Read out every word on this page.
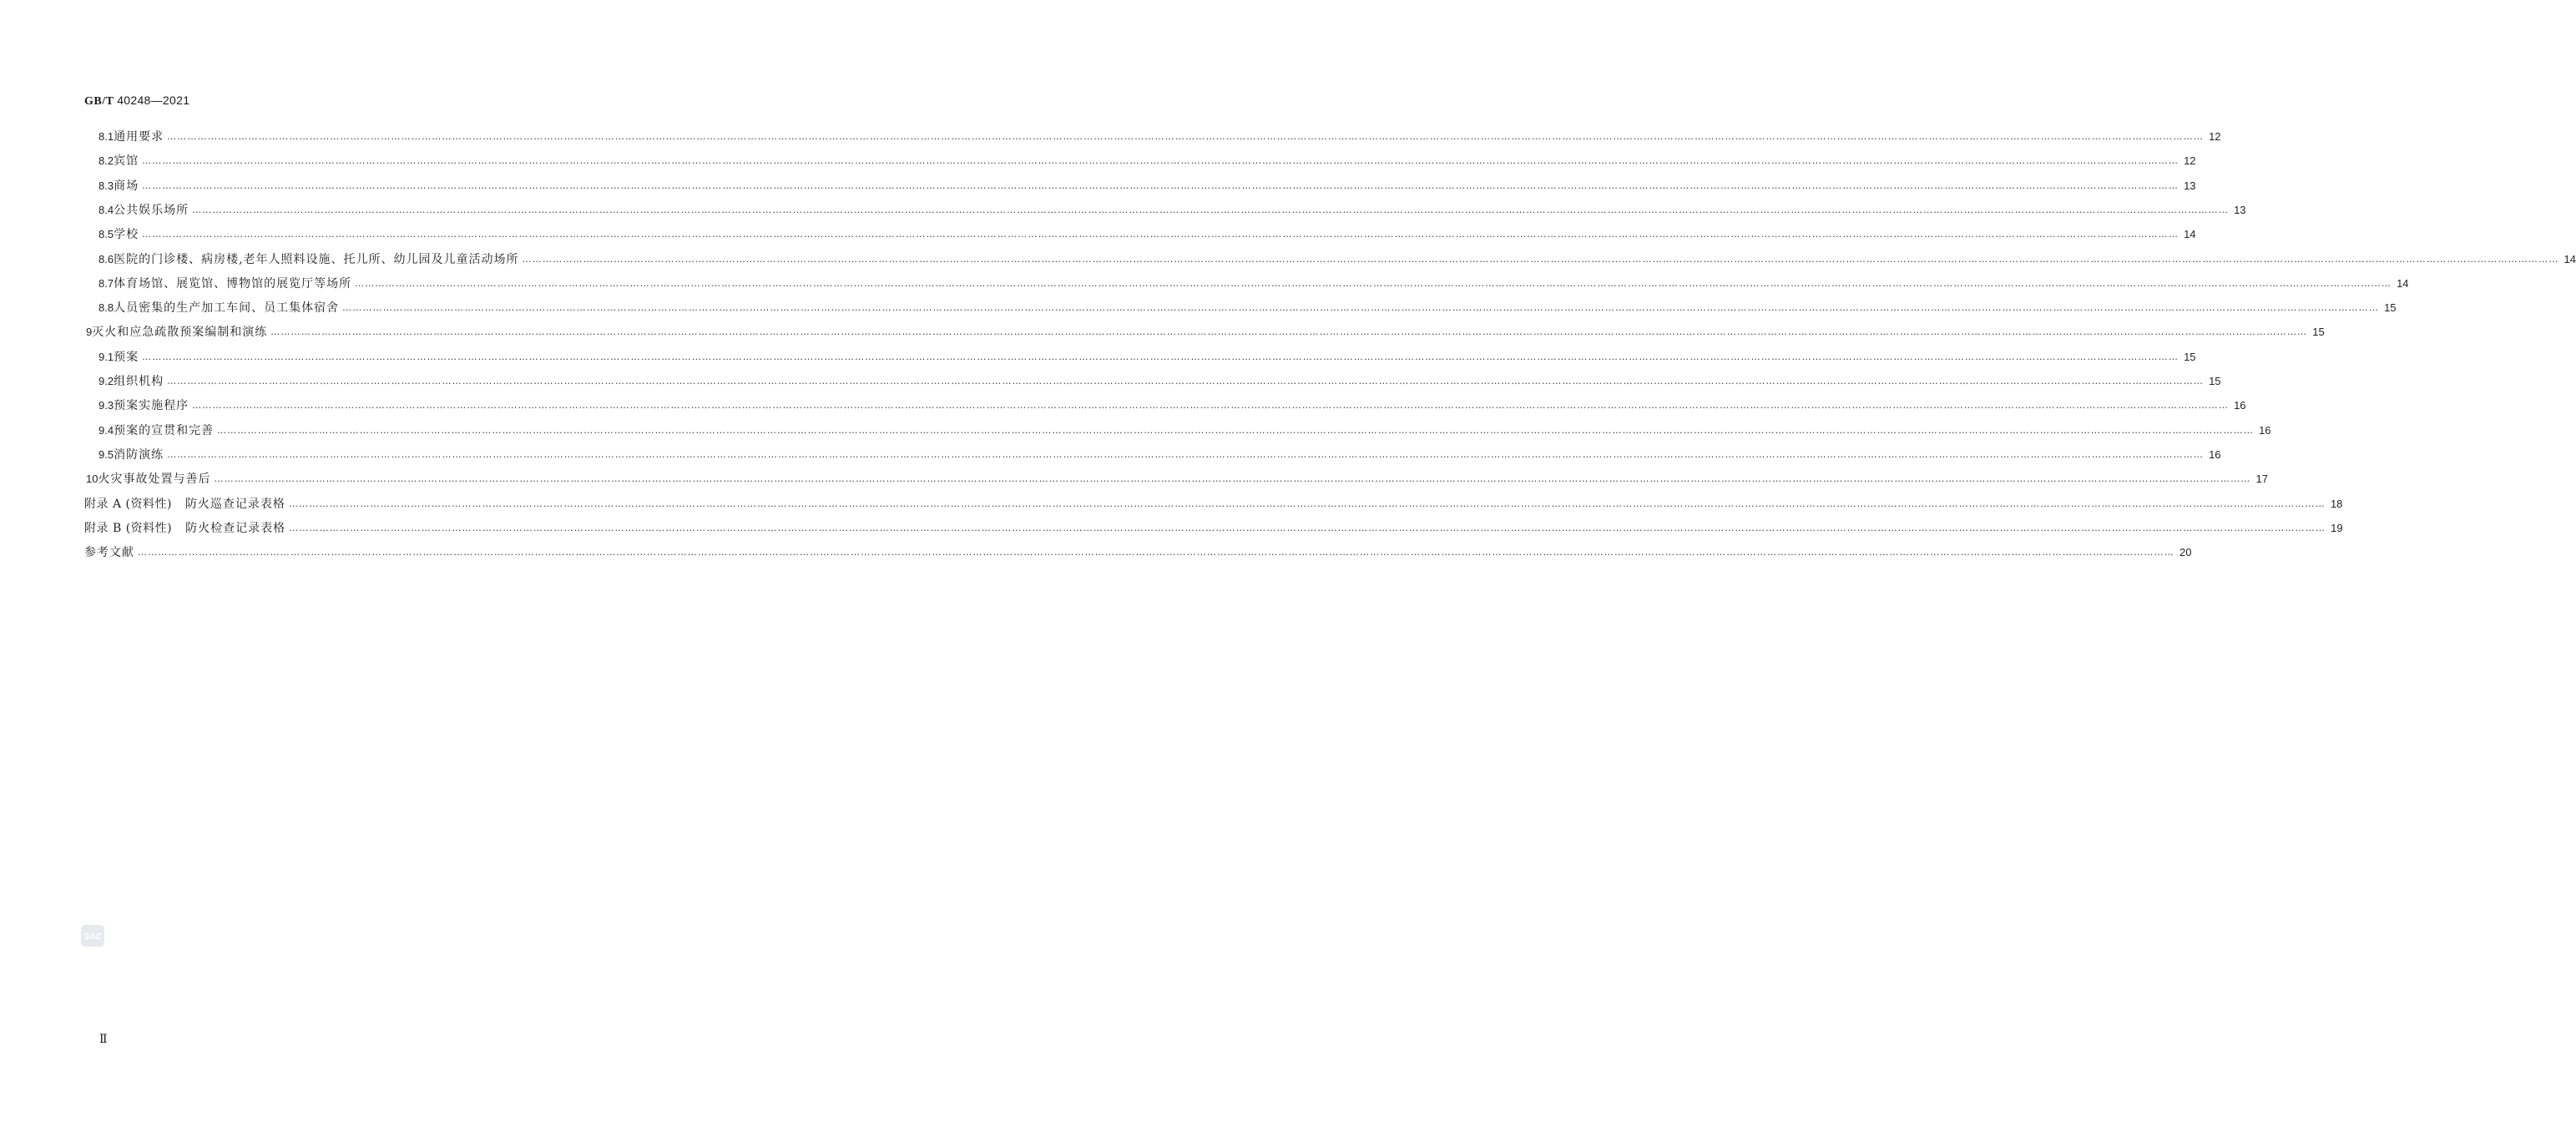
GB/T 40248—2021
8.1 通用要求 …………………………………………………………………………………………………………………………………………………………………………………………………………………………………………………………………………………………………………………………………………………………………………………………………………………………………………………………………………………………………………………………………………………… 12
8.2 宾馆 …………………………………………………………………………………………………………………………………………………………………………………………………………………………………………………………………………………………………………………………………………………………………………………………………………………………………………………………………………………………………………………………………………………… 12
8.3 商场 …………………………………………………………………………………………………………………………………………………………………………………………………………………………………………………………………………………………………………………………………………………………………………………………………………………………………………………………………………………………………………………………………………………… 13
8.4 公共娱乐场所 …………………………………………………………………………………………………………………………………………………………………………………………………………………………………………………………………………………………………………………………………………………………………………………………………………………………………………………………………………………………………………………………………………………… 13
8.5 学校 …………………………………………………………………………………………………………………………………………………………………………………………………………………………………………………………………………………………………………………………………………………………………………………………………………………………………………………………………………………………………………………………………………………… 14
8.6 医院的门诊楼、病房楼,老年人照料设施、托儿所、幼儿园及儿童活动场所 …………………………………………………………………………………………………………………………………………………………………………………………………………………………………………………………………………………………………………………………………………………………………………………………………………………………………………………………………………………………………………………………………………………… 14
8.7 体育场馆、展览馆、博物馆的展览厅等场所 …………………………………………………………………………………………………………………………………………………………………………………………………………………………………………………………………………………………………………………………………………………………………………………………………………………………………………………………………………………………………………………………………………………… 14
8.8 人员密集的生产加工车间、员工集体宿舍 …………………………………………………………………………………………………………………………………………………………………………………………………………………………………………………………………………………………………………………………………………………………………………………………………………………………………………………………………………………………………………………………………………………… 15
9 灭火和应急疏散预案编制和演练 …………………………………………………………………………………………………………………………………………………………………………………………………………………………………………………………………………………………………………………………………………………………………………………………………………………………………………………………………………………………………………………………………………………… 15
9.1 预案 …………………………………………………………………………………………………………………………………………………………………………………………………………………………………………………………………………………………………………………………………………………………………………………………………………………………………………………………………………………………………………………………………………………… 15
9.2 组织机构 …………………………………………………………………………………………………………………………………………………………………………………………………………………………………………………………………………………………………………………………………………………………………………………………………………………………………………………………………………………………………………………………………………………… 15
9.3 预案实施程序 …………………………………………………………………………………………………………………………………………………………………………………………………………………………………………………………………………………………………………………………………………………………………………………………………………………………………………………………………………………………………………………………………………………… 16
9.4 预案的宣贯和完善 …………………………………………………………………………………………………………………………………………………………………………………………………………………………………………………………………………………………………………………………………………………………………………………………………………………………………………………………………………………………………………………………………………………… 16
9.5 消防演练 …………………………………………………………………………………………………………………………………………………………………………………………………………………………………………………………………………………………………………………………………………………………………………………………………………………………………………………………………………………………………………………………………………………… 16
10 火灾事故处置与善后 …………………………………………………………………………………………………………………………………………………………………………………………………………………………………………………………………………………………………………………………………………………………………………………………………………………………………………………………………………………………………………………………………………………… 17
附录 A (资料性) 防火巡查记录表格 …………………………………………………………………………………………………………………………………………………………………………………………………………………………………………………………………………………………………………………………………………………………………………………………………………………………………………………………………………………………………………………………………………………… 18
附录 B (资料性) 防火检查记录表格 …………………………………………………………………………………………………………………………………………………………………………………………………………………………………………………………………………………………………………………………………………………………………………………………………………………………………………………………………………………………………………………………………………………… 19
参考文献 …………………………………………………………………………………………………………………………………………………………………………………………………………………………………………………………………………………………………………………………………………………………………………………………………………………………………………………………………………………………………………………………………………………… 20
SAC
Ⅱ
